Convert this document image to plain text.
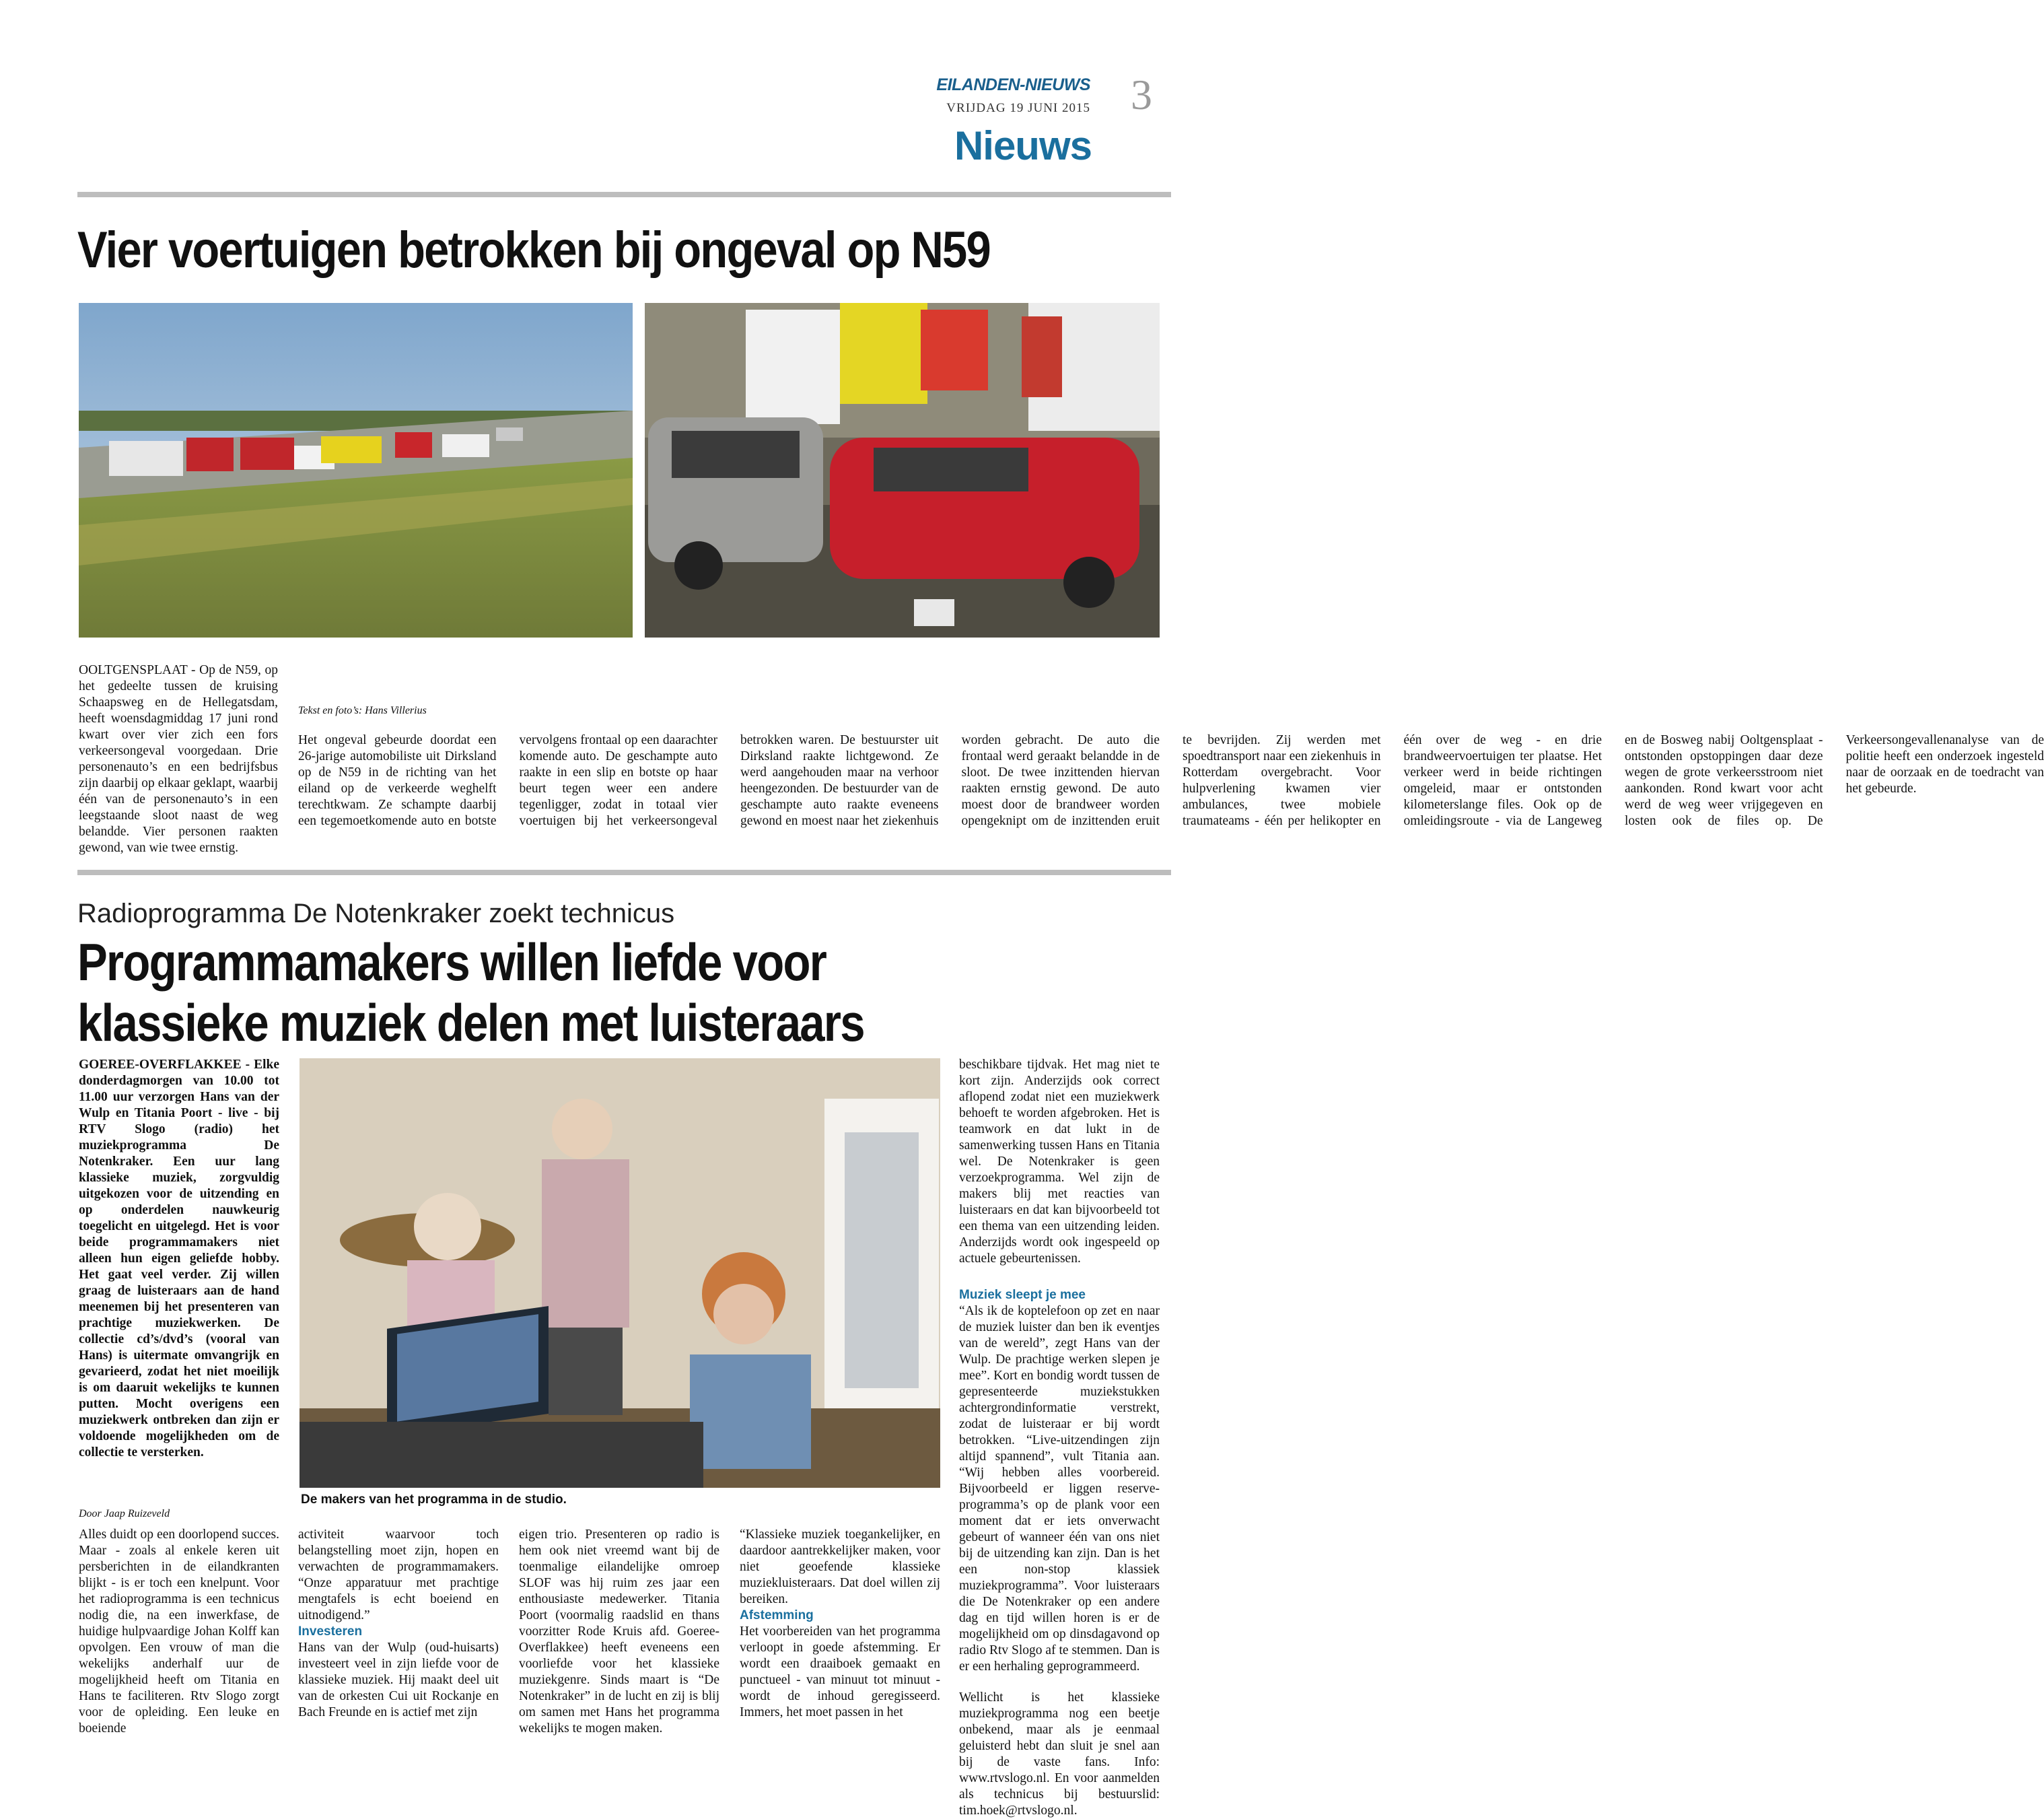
EILANDEN-NIEUWS
VRIJDAG 19 JUNI 2015 3
Nieuws
Vier voertuigen betrokken bij ongeval op N59
OOLTGENSPLAAT - Op de N59, op het gedeelte tussen de kruising Schaapsweg en de Hellegatsdam, heeft woensdagmiddag 17 juni rond kwart over vier zich een fors verkeersongeval voorgedaan. Drie personenauto’s en een bedrijfsbus zijn daarbij op elkaar geklapt, waarbij één van de personenauto’s in een leegstaande sloot naast de weg belandde. Vier personen raakten gewond, van wie twee ernstig.

Tekst en foto’s: Hans Villerius

Het ongeval gebeurde doordat een 26-jarige automobiliste uit Dirksland op de N59 in de richting van het eiland op de verkeerde weghelft terechtkwam. Ze schampte daarbij een tegemoetkomende auto en botste vervolgens frontaal op een daarachter komende auto. De geschampte auto raakte in een slip en botste op haar beurt tegen weer een andere tegenligger, zodat in totaal vier voertuigen bij het verkeersongeval betrokken waren. De bestuurster uit Dirksland raakte lichtgewond. Ze werd aangehouden maar na verhoor heengezonden. De bestuurder van de geschampte auto raakte eveneens gewond en moest naar het ziekenhuis worden gebracht. De auto die frontaal werd geraakt belandde in de sloot. De twee inzittenden hiervan raakten ernstig gewond. De auto moest door de brandweer worden opengeknipt om de inzittenden eruit te bevrijden. Zij werden met spoedtransport naar een ziekenhuis in Rotterdam overgebracht. Voor hulpverlening kwamen vier ambulances, twee mobiele traumateams - één per helikopter en één over de weg - en drie brandweervoertuigen ter plaatse. Het verkeer werd in beide richtingen omgeleid, maar er ontstonden kilometerslange files. Ook op de omleidingsroute - via de Langeweg en de Bosweg nabij Ooltgensplaat - ontstonden opstoppingen daar deze wegen de grote verkeersstroom niet aankonden. Rond kwart voor acht werd de weg weer vrijgegeven en losten ook de files op. De Verkeersongevallenanalyse van de politie heeft een onderzoek ingesteld naar de oorzaak en de toedracht van het gebeurde.
Radioprogramma De Notenkraker zoekt technicus
Programmamakers willen liefde voor
klassieke muziek delen met luisteraars
GOEREE-OVERFLAKKEE - Elke donderdagmorgen van 10.00 tot 11.00 uur verzorgen Hans van der Wulp en Titania Poort - live - bij RTV Slogo (radio) het muziekprogramma De Notenkraker. Een uur lang klassieke muziek, zorgvuldig uitgekozen voor de uitzending en op onderdelen nauwkeurig toegelicht en uitgelegd. Het is voor beide programmamakers niet alleen hun eigen geliefde hobby. Het gaat veel verder. Zij willen graag de luisteraars aan de hand meenemen bij het presenteren van prachtige muziekwerken. De collectie cd’s/dvd’s (vooral van Hans) is uitermate omvangrijk en gevarieerd, zodat het niet moeilijk is om daaruit wekelijks te kunnen putten. Mocht overigens een muziekwerk ontbreken dan zijn er voldoende mogelijkheden om de collectie te versterken.
Door Jaap Ruizeveld
Alles duidt op een doorlopend succes. Maar - zoals al enkele keren uit persberichten in de eilandkranten blijkt - is er toch een knelpunt. Voor het radioprogramma is een technicus nodig die, na een inwerkfase, de huidige hulpvaardige Johan Kolff kan opvolgen. Een vrouw of man die wekelijks anderhalf uur de mogelijkheid heeft om Titania en Hans te faciliteren. Rtv Slogo zorgt voor de opleiding. Een leuke en boeiende
De makers van het programma in de studio.

activiteit waarvoor toch belangstelling moet zijn, hopen en verwachten de programmamakers. “Onze apparatuur met prachtige mengtafels is echt boeiend en uitnodigend.”

Investeren

Hans van der Wulp (oud-huisarts) investeert veel in zijn liefde voor de klassieke muziek. Hij maakt deel uit van de orkesten Cui uit Rockanje en Bach Freunde en is actief met zijn

eigen trio. Presenteren op radio is hem ook niet vreemd want bij de toenmalige eilandelijke omroep SLOF was hij ruim zes jaar een enthousiaste medewerker. Titania Poort (voormalig raadslid en thans voorzitter Rode Kruis afd. Goeree-Overflakkee) heeft eveneens een voorliefde voor het klassieke muziekgenre. Sinds maart is “De Notenkraker” in de lucht en zij is blij om samen met Hans het programma wekelijks te mogen maken.

“Klassieke muziek toegankelijker, en daardoor aantrekkelijker maken, voor niet geoefende klassieke muziekluisteraars. Dat doel willen zij bereiken.

Afstemming

Het voorbereiden van het programma verloopt in goede afstemming. Er wordt een draaiboek gemaakt en punctueel - van minuut tot minuut - wordt de inhoud geregisseerd. Immers, het moet passen in het

beschikbare tijdvak. Het mag niet te kort zijn. Anderzijds ook correct aflopend zodat niet een muziekwerk behoeft te worden afgebroken. Het is teamwork en dat lukt in de samenwerking tussen Hans en Titania wel. De Notenkraker is geen verzoekprogramma. Wel zijn de makers blij met reacties van luisteraars en dat kan bijvoorbeeld tot een thema van een uitzending leiden. Anderzijds wordt ook ingespeeld op actuele gebeurtenissen.

Muziek sleept je mee

“Als ik de koptelefoon op zet en naar de muziek luister dan ben ik eventjes van de wereld”, zegt Hans van der Wulp. De prachtige werken slepen je mee”. Kort en bondig wordt tussen de gepresenteerde muziekstukken achtergrondinformatie verstrekt, zodat de luisteraar er bij wordt betrokken. “Live-uitzendingen zijn altijd spannend”, vult Titania aan. “Wij hebben alles voorbereid. Bijvoorbeeld er liggen reserve-programma’s op de plank voor een moment dat er iets onverwacht gebeurt of wanneer één van ons niet bij de uitzending kan zijn. Dan is het een non-stop klassiek muziekprogramma”. Voor luisteraars die De Notenkraker op een andere dag en tijd willen horen is er de mogelijkheid om op dinsdagavond op radio Rtv Slogo af te stemmen. Dan is er een herhaling geprogrammeerd.

Wellicht is het klassieke muziekprogramma nog een beetje onbekend, maar als je eenmaal geluisterd hebt dan sluit je snel aan bij de vaste fans. Info: www.rtvslogo.nl. En voor aanmelden als technicus bij bestuurslid: tim.hoek@rtvslogo.nl.
